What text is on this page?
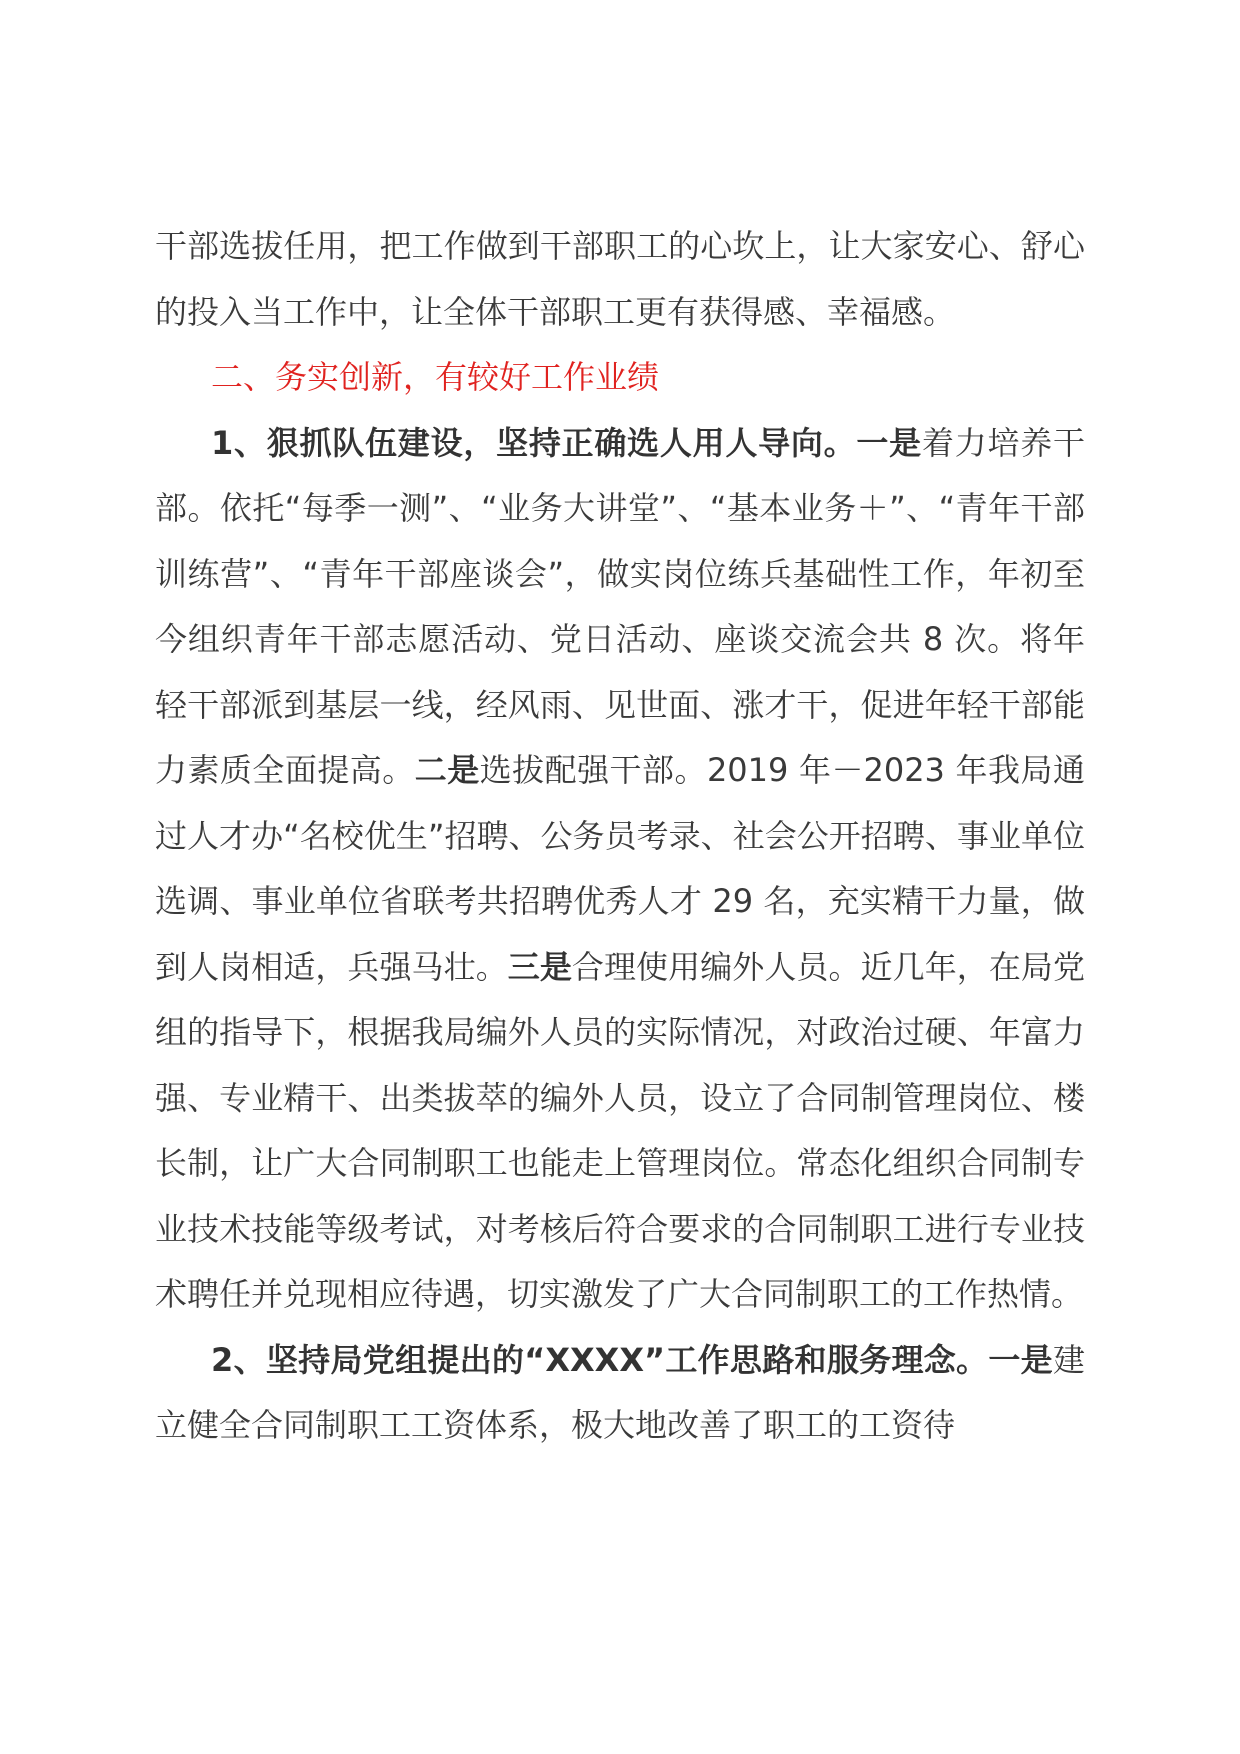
干部选拔任用，把工作做到干部职工的心坎上，让大家安心、舒心的投入当工作中，让全体干部职工更有获得感、幸福感。

二、务实创新，有较好工作业绩

1、狠抓队伍建设，坚持正确选人用人导向。一是着力培养干部。依托“每季一测”、“业务大讲堂”、“基本业务＋”、“青年干部训练营”、“青年干部座谈会”，做实岗位练兵基础性工作，年初至今组织青年干部志愿活动、党日活动、座谈交流会共 8 次。将年轻干部派到基层一线，经风雨、见世面、涨才干，促进年轻干部能力素质全面提高。二是选拔配强干部。2019 年－2023 年我局通过人才办“名校优生”招聘、公务员考录、社会公开招聘、事业单位选调、事业单位省联考共招聘优秀人才 29 名，充实精干力量，做到人岗相适，兵强马壮。三是合理使用编外人员。近几年，在局党组的指导下，根据我局编外人员的实际情况，对政治过硬、年富力强、专业精干、出类拔萃的编外人员，设立了合同制管理岗位、楼长制，让广大合同制职工也能走上管理岗位。常态化组织合同制专业技术技能等级考试，对考核后符合要求的合同制职工进行专业技术聘任并兑现相应待遇，切实激发了广大合同制职工的工作热情。

2、坚持局党组提出的“XXXX”工作思路和服务理念。一是建立健全合同制职工工资体系，极大地改善了职工的工资待
